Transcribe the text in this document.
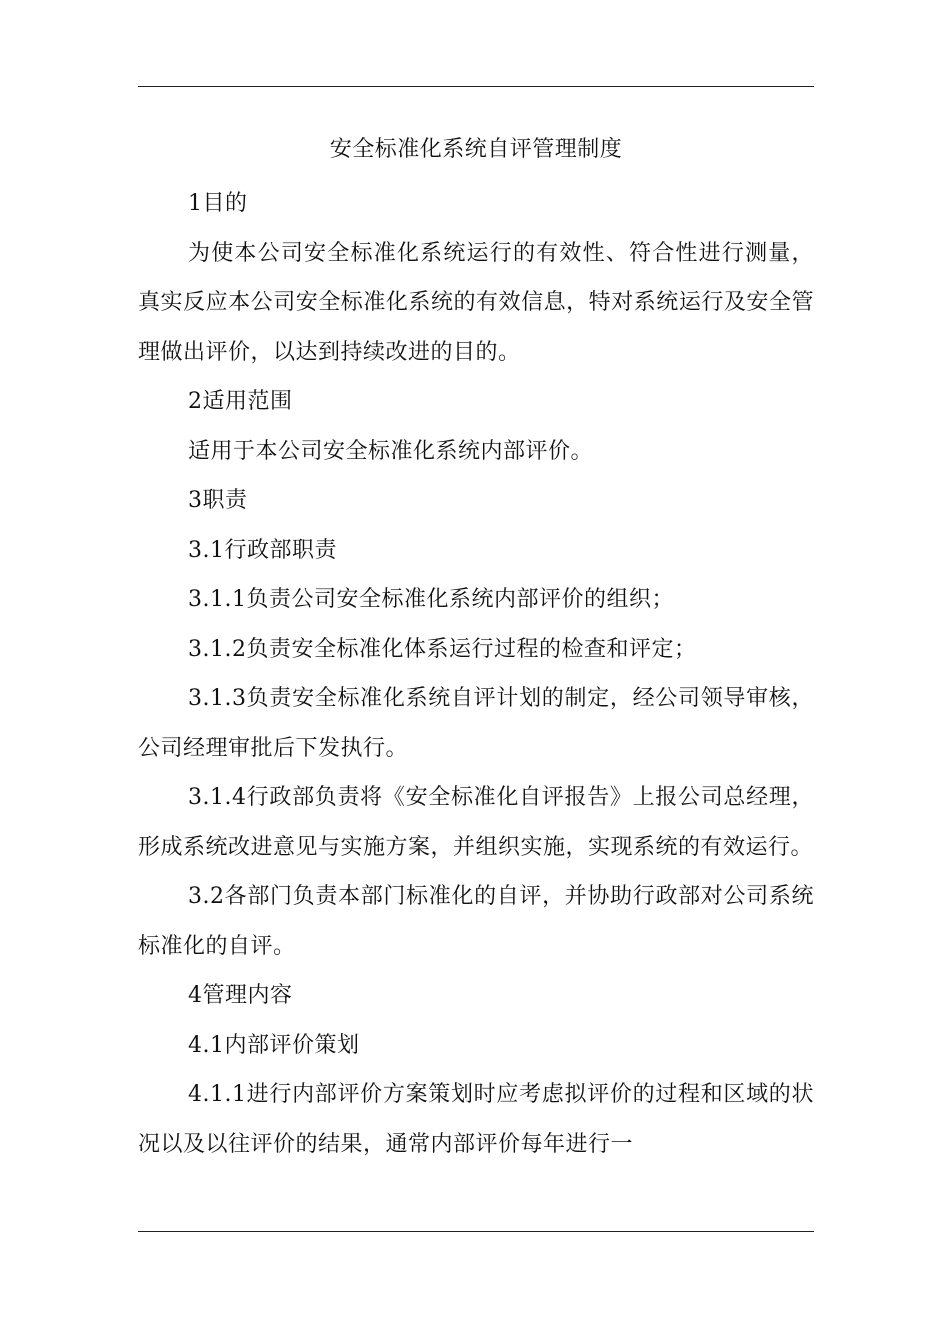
安全标准化系统自评管理制度

1目的

为使本公司安全标准化系统运行的有效性、符合性进行测量，真实反应本公司安全标准化系统的有效信息，特对系统运行及安全管理做出评价，以达到持续改进的目的。

2适用范围

适用于本公司安全标准化系统内部评价。

3职责

3.1行政部职责

3.1.1负责公司安全标准化系统内部评价的组织；

3.1.2负责安全标准化体系运行过程的检查和评定；

3.1.3负责安全标准化系统自评计划的制定，经公司领导审核，公司经理审批后下发执行。

3.1.4行政部负责将《安全标准化自评报告》上报公司总经理，形成系统改进意见与实施方案，并组织实施，实现系统的有效运行。

3.2各部门负责本部门标准化的自评，并协助行政部对公司系统标准化的自评。

4管理内容

4.1内部评价策划

4.1.1进行内部评价方案策划时应考虑拟评价的过程和区域的状况以及以往评价的结果，通常内部评价每年进行一
